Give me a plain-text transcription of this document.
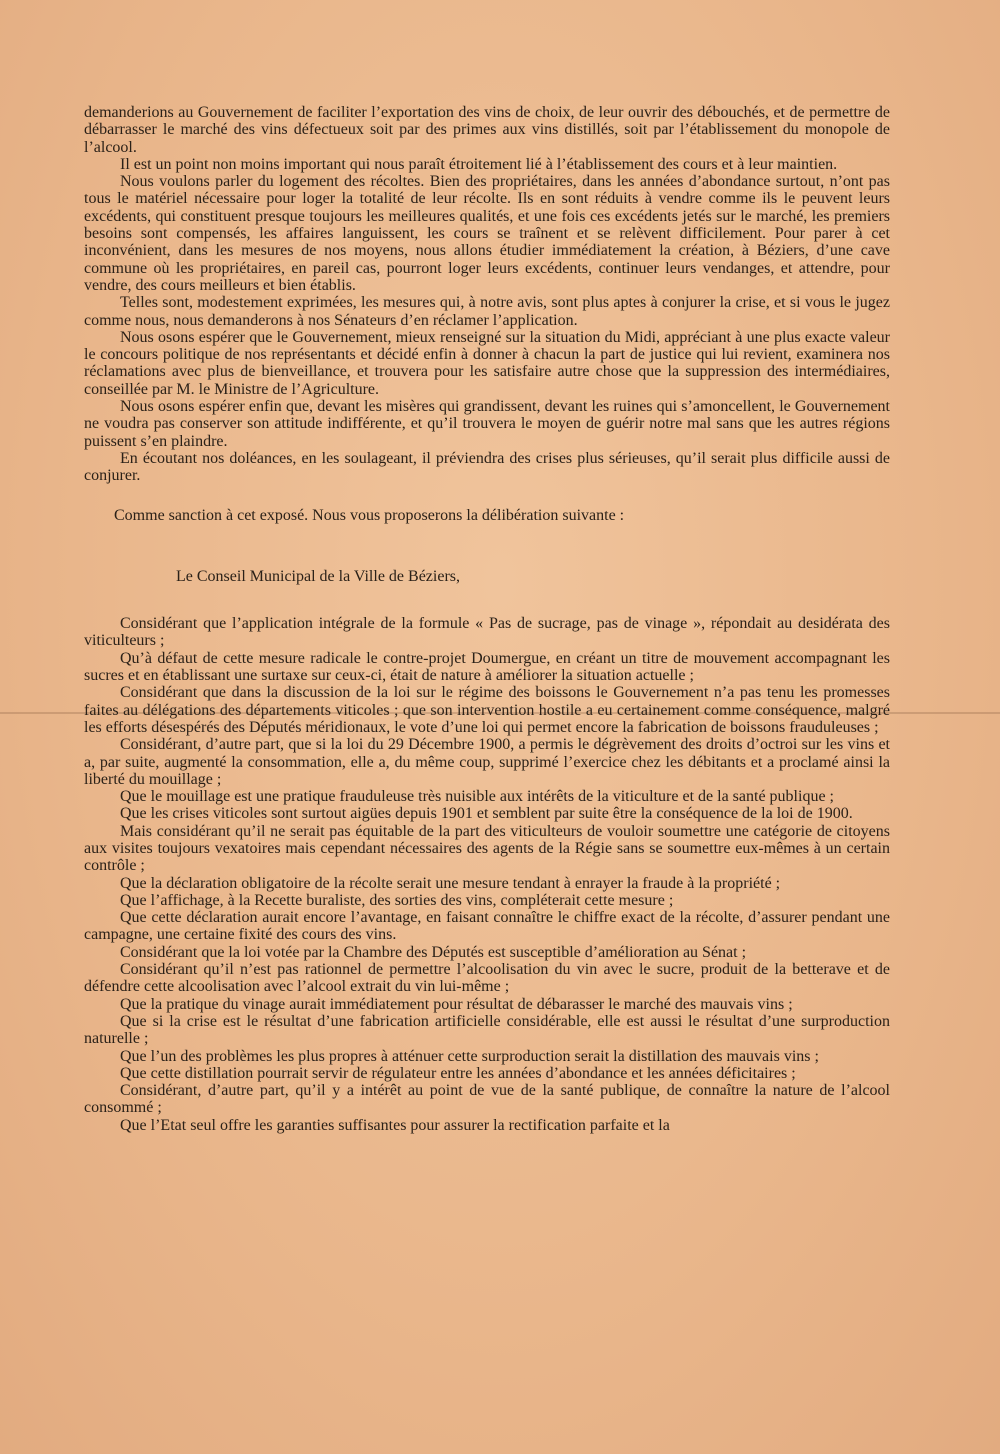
demanderions au Gouvernement de faciliter l’exportation des vins de choix, de leur ouvrir des débouchés, et de permettre de débarrasser le marché des vins défectueux soit par des primes aux vins distillés, soit par l’établissement du monopole de l’alcool.

Il est un point non moins important qui nous paraît étroitement lié à l’établissement des cours et à leur maintien.

Nous voulons parler du logement des récoltes. Bien des propriétaires, dans les années d’abondance surtout, n’ont pas tous le matériel nécessaire pour loger la totalité de leur récolte. Ils en sont réduits à vendre comme ils le peuvent leurs excédents, qui constituent presque toujours les meilleures qualités, et une fois ces excédents jetés sur le marché, les premiers besoins sont compensés, les affaires languissent, les cours se traînent et se relèvent difficilement. Pour parer à cet inconvénient, dans les mesures de nos moyens, nous allons étudier immédiatement la création, à Béziers, d’une cave commune où les propriétaires, en pareil cas, pourront loger leurs excédents, continuer leurs vendanges, et attendre, pour vendre, des cours meilleurs et bien établis.

Telles sont, modestement exprimées, les mesures qui, à notre avis, sont plus aptes à conjurer la crise, et si vous le jugez comme nous, nous demanderons à nos Sénateurs d’en réclamer l’application.

Nous osons espérer que le Gouvernement, mieux renseigné sur la situation du Midi, appréciant à une plus exacte valeur le concours politique de nos représentants et décidé enfin à donner à chacun la part de justice qui lui revient, examinera nos réclamations avec plus de bienveillance, et trouvera pour les satisfaire autre chose que la suppression des intermédiaires, conseillée par M. le Ministre de l’Agriculture.

Nous osons espérer enfin que, devant les misères qui grandissent, devant les ruines qui s’amoncellent, le Gouvernement ne voudra pas conserver son attitude indifférente, et qu’il trouvera le moyen de guérir notre mal sans que les autres régions puissent s’en plaindre.

En écoutant nos doléances, en les soulageant, il préviendra des crises plus sérieuses, qu’il serait plus difficile aussi de conjurer.

Comme sanction à cet exposé. Nous vous proposerons la délibération suivante :

Le Conseil Municipal de la Ville de Béziers,

Considérant que l’application intégrale de la formule « Pas de sucrage, pas de vinage », répondait au desidérata des viticulteurs ;

Qu’à défaut de cette mesure radicale le contre-projet Doumergue, en créant un titre de mouvement accompagnant les sucres et en établissant une surtaxe sur ceux-ci, était de nature à améliorer la situation actuelle ;

Considérant que dans la discussion de la loi sur le régime des boissons le Gouvernement n’a pas tenu les promesses faites au délégations des départements viticoles ; que son intervention hostile a eu certainement comme conséquence, malgré les efforts désespérés des Députés méridionaux, le vote d’une loi qui permet encore la fabrication de boissons frauduleuses ;

Considérant, d’autre part, que si la loi du 29 Décembre 1900, a permis le dégrèvement des droits d’octroi sur les vins et a, par suite, augmenté la consommation, elle a, du même coup, supprimé l’exercice chez les débitants et a proclamé ainsi la liberté du mouillage ;

Que le mouillage est une pratique frauduleuse très nuisible aux intérêts de la viticulture et de la santé publique ;

Que les crises viticoles sont surtout aigües depuis 1901 et semblent par suite être la conséquence de la loi de 1900.

Mais considérant qu’il ne serait pas équitable de la part des viticulteurs de vouloir soumettre une catégorie de citoyens aux visites toujours vexatoires mais cependant nécessaires des agents de la Régie sans se soumettre eux-mêmes à un certain contrôle ;

Que la déclaration obligatoire de la récolte serait une mesure tendant à enrayer la fraude à la propriété ;

Que l’affichage, à la Recette buraliste, des sorties des vins, compléterait cette mesure ;

Que cette déclaration aurait encore l’avantage, en faisant connaître le chiffre exact de la récolte, d’assurer pendant une campagne, une certaine fixité des cours des vins.

Considérant que la loi votée par la Chambre des Députés est susceptible d’amélioration au Sénat ;

Considérant qu’il n’est pas rationnel de permettre l’alcoolisation du vin avec le sucre, produit de la betterave et de défendre cette alcoolisation avec l’alcool extrait du vin lui-même ;

Que la pratique du vinage aurait immédiatement pour résultat de débarasser le marché des mauvais vins ;

Que si la crise est le résultat d’une fabrication artificielle considérable, elle est aussi le résultat d’une surproduction naturelle ;

Que l’un des problèmes les plus propres à atténuer cette surproduction serait la distillation des mauvais vins ;

Que cette distillation pourrait servir de régulateur entre les années d’abondance et les années déficitaires ;

Considérant, d’autre part, qu’il y a intérêt au point de vue de la santé publique, de connaître la nature de l’alcool consommé ;

Que l’Etat seul offre les garanties suffisantes pour assurer la rectification parfaite et la
